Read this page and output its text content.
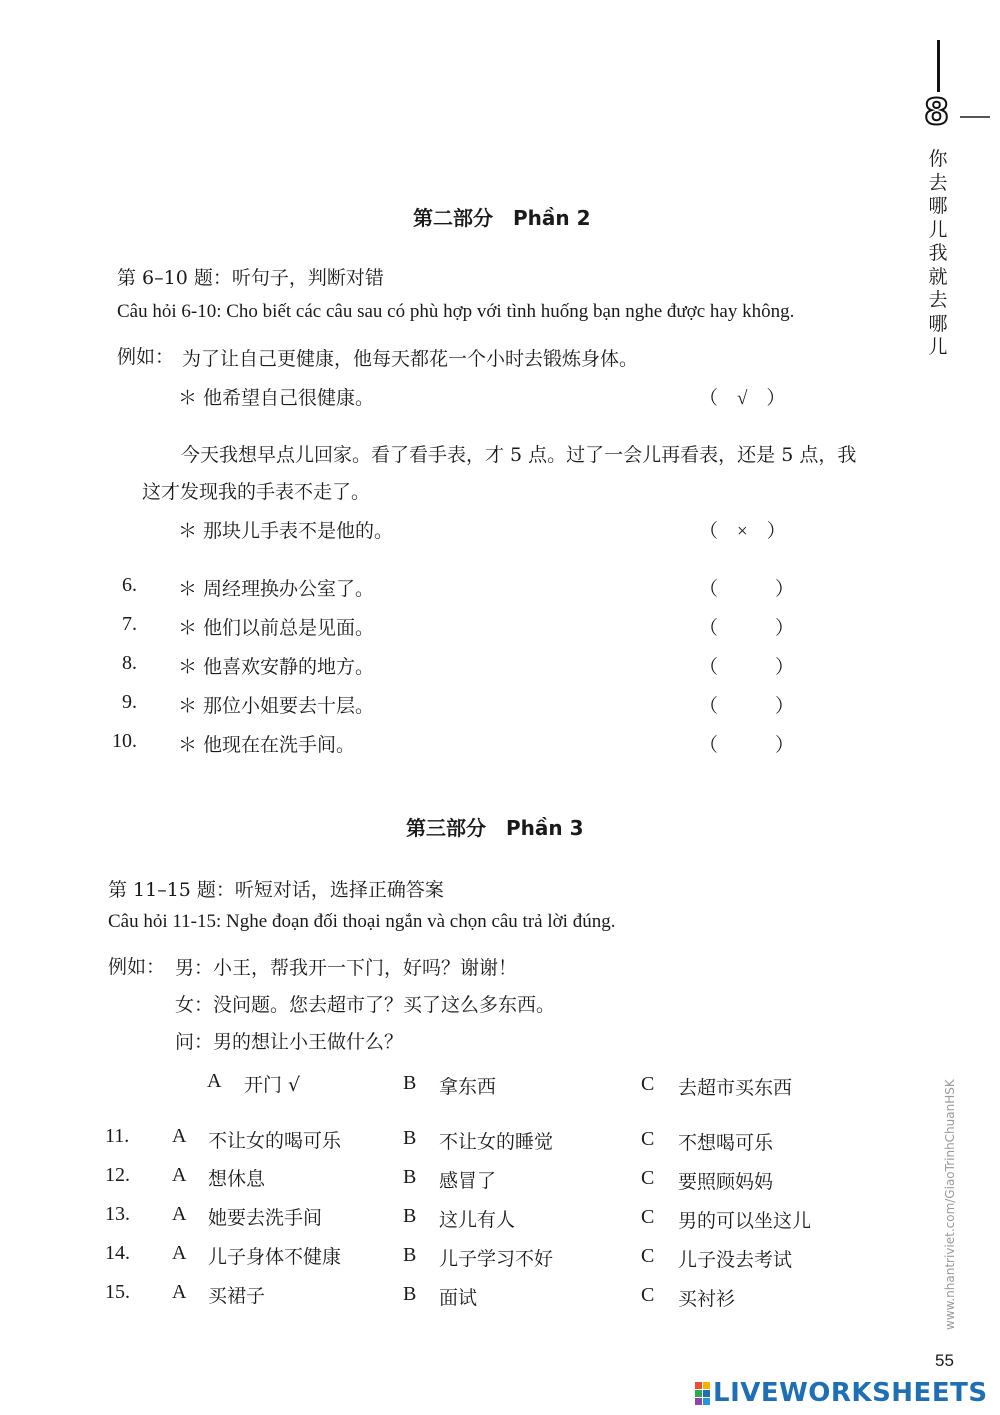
8
你去哪儿我就去哪儿
www.nhantriviet.com/GiaoTrinhChuanHSK
第二部分　Phần 2
第 6–10 题：听句子，判断对错
Câu hỏi 6-10: Cho biết các câu sau có phù hợp với tình huống bạn nghe được hay không.
例如： 为了让自己更健康，他每天都花一个小时去锻炼身体。
＊ 他希望自己很健康。	（　√　）
今天我想早点儿回家。看了看手表，才 5 点。过了一会儿再看表，还是 5 点，我
这才发现我的手表不走了。
＊ 那块儿手表不是他的。	（　×　）
6. ＊ 周经理换办公室了。	（　　　）
7. ＊ 他们以前总是见面。	（　　　）
8. ＊ 他喜欢安静的地方。	（　　　）
9. ＊ 那位小姐要去十层。	（　　　）
10. ＊ 他现在在洗手间。	（　　　）
第三部分　Phần 3
第 11–15 题：听短对话，选择正确答案
Câu hỏi 11-15: Nghe đoạn đối thoại ngắn và chọn câu trả lời đúng.
例如： 男：小王，帮我开一下门，好吗？谢谢！
女：没问题。您去超市了？买了这么多东西。
问：男的想让小王做什么？
A 开门 √	B 拿东西	C 去超市买东西
11. A 不让女的喝可乐	B 不让女的睡觉	C 不想喝可乐
12. A 想休息	B 感冒了	C 要照顾妈妈
13. A 她要去洗手间	B 这儿有人	C 男的可以坐这儿
14. A 儿子身体不健康	B 儿子学习不好	C 儿子没去考试
15. A 买裙子	B 面试	C 买衬衫
55
LIVEWORKSHEETS
